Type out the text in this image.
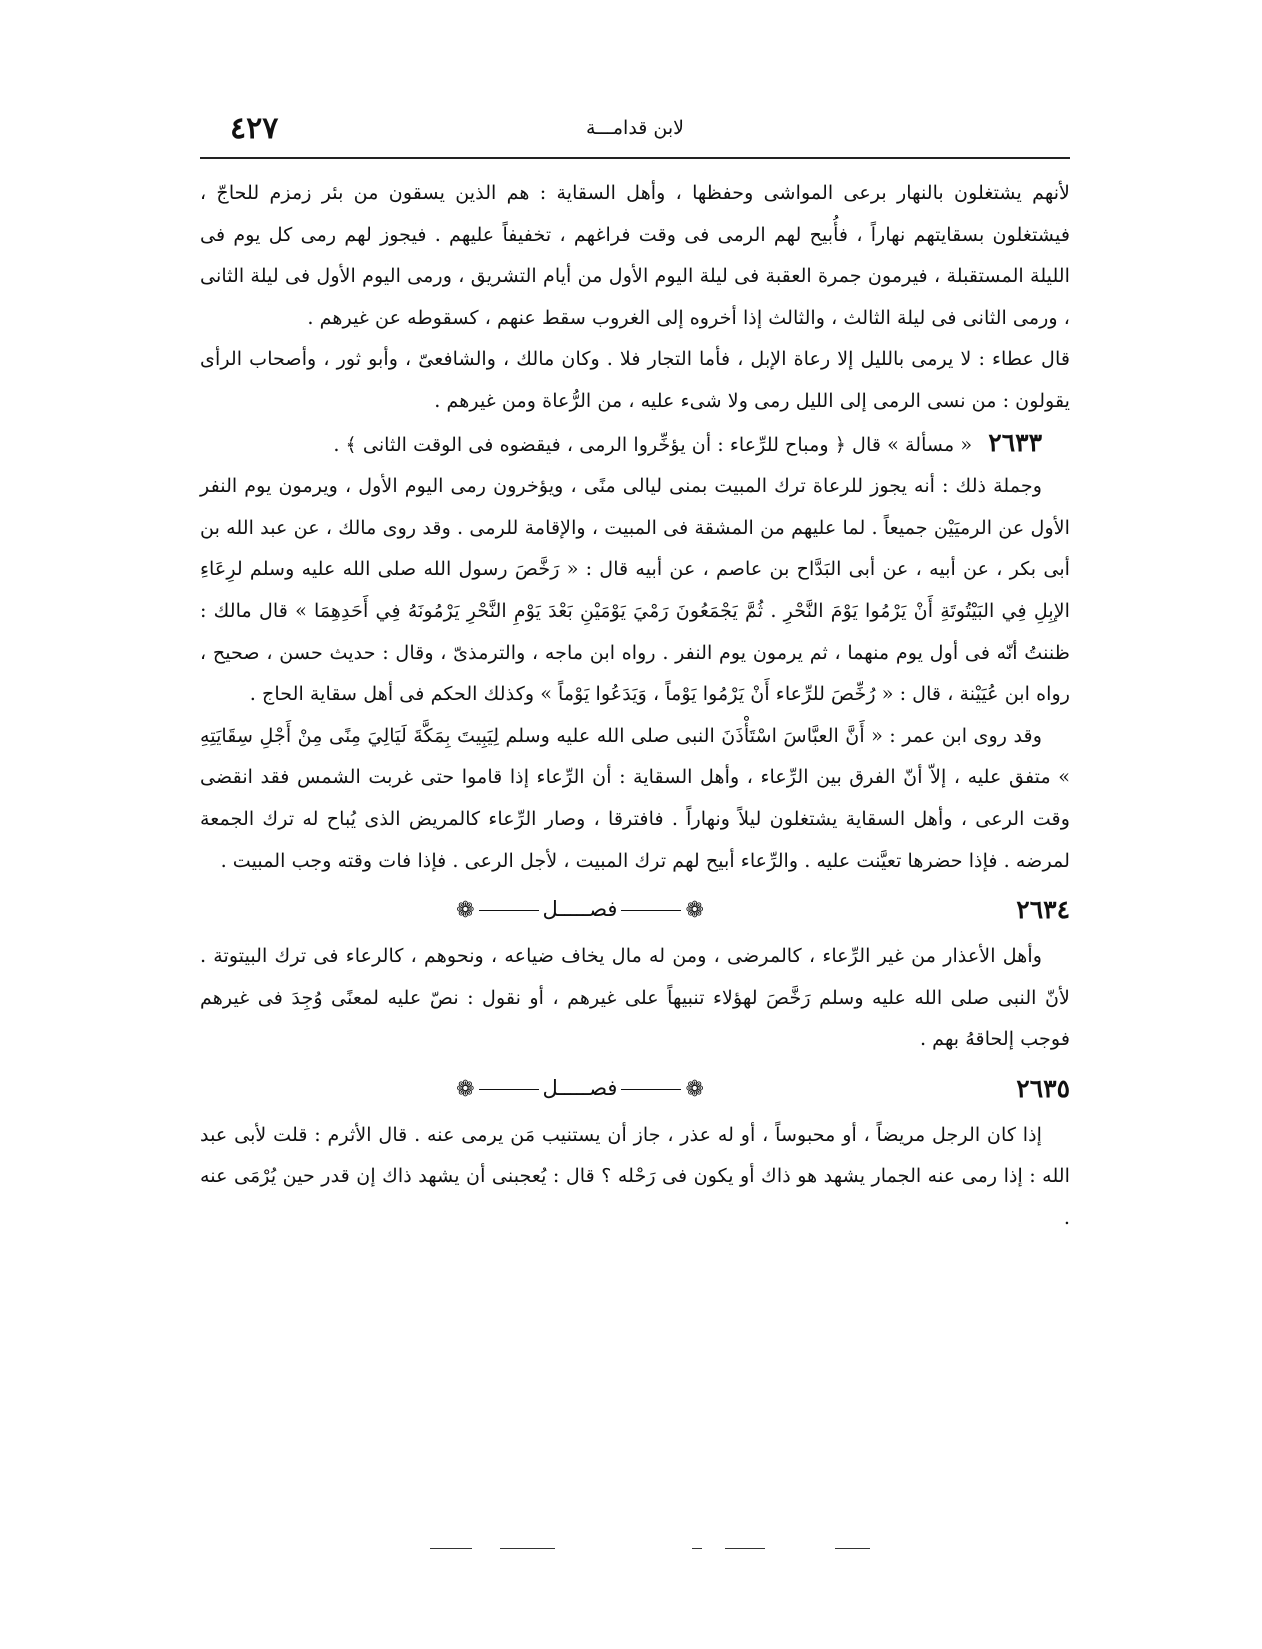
لابن قدامـــة
٤٢٧

لأنهم يشتغلون بالنهار برعى المواشى وحفظها ، وأهل السقاية : هم الذين يسقون من بئر زمزم للحاجّ ، فيشتغلون بسقايتهم نهاراً ، فأُبيح لهم الرمى فى وقت فراغهم ، تخفيفاً عليهم . فيجوز لهم رمى كل يوم فى الليلة المستقبلة ، فيرمون جمرة العقبة فى ليلة اليوم الأول من أيام التشريق ، ورمى اليوم الأول فى ليلة الثانى ، ورمى الثانى فى ليلة الثالث ، والثالث إذا أخروه إلى الغروب سقط عنهم ، كسقوطه عن غيرهم .

قال عطاء : لا يرمى بالليل إلا رعاة الإبل ، فأما التجار فلا . وكان مالك ، والشافعىّ ، وأبو ثور ، وأصحاب الرأى يقولون : من نسى الرمى إلى الليل رمى ولا شىء عليه ، من الرُّعاة ومن غيرهم .

٢٦٣٣ « مسألة » قال ﴿ ومباح للرِّعاء : أن يؤخِّروا الرمى ، فيقضوه فى الوقت الثانى ﴾ .

وجملة ذلك : أنه يجوز للرعاة ترك المبيت بمنى ليالى منًى ، ويؤخرون رمى اليوم الأول ، ويرمون يوم النفر الأول عن الرميَيْن جميعاً . لما عليهم من المشقة فى المبيت ، والإقامة للرمى . وقد روى مالك ، عن عبد الله بن أبى بكر ، عن أبيه ، عن أبى البَدَّاح بن عاصم ، عن أبيه قال : « رَخَّصَ رسول الله صلى الله عليه وسلم لرِعَاءِ الإبِلِ فِي البَيْتُوتَةِ أَنْ يَرْمُوا يَوْمَ النَّحْرِ . ثُمَّ يَجْمَعُونَ رَمْيَ يَوْمَيْنِ بَعْدَ يَوْمِ النَّحْرِ يَرْمُونَهُ فِي أَحَدِهِمَا » قال مالك : ظننتُ أنّه فى أول يوم منهما ، ثم يرمون يوم النفر . رواه ابن ماجه ، والترمذىّ ، وقال : حديث حسن ، صحيح ، رواه ابن عُيَيْنة ، قال : « رُخِّصَ للرِّعاء أَنْ يَرْمُوا يَوْماً ، وَيَدَعُوا يَوْماً » وكذلك الحكم فى أهل سقاية الحاج .

وقد روى ابن عمر : « أَنَّ العبَّاسَ اسْتَأْذَنَ النبى صلى الله عليه وسلم لِيَبِيتَ بِمَكَّةَ لَيَالِيَ مِنًى مِنْ أَجْلِ سِقَايَتِهِ » متفق عليه ، إلاّ أنّ الفرق بين الرِّعاء ، وأهل السقاية : أن الرِّعاء إذا قاموا حتى غربت الشمس فقد انقضى وقت الرعى ، وأهل السقاية يشتغلون ليلاً ونهاراً . فافترقا ، وصار الرِّعاء كالمريض الذى يُباح له ترك الجمعة لمرضه . فإذا حضرها تعيَّنت عليه . والرِّعاء أبيح لهم ترك المبيت ، لأجل الرعى . فإذا فات وقته وجب المبيت .

٢٦٣٤
❁فصـــــل❁

وأهل الأعذار من غير الرِّعاء ، كالمرضى ، ومن له مال يخاف ضياعه ، ونحوهم ، كالرعاء فى ترك البيتوتة . لأنّ النبى صلى الله عليه وسلم رَخَّصَ لهؤلاء تنبيهاً على غيرهم ، أو نقول : نصّ عليه لمعنًى وُجِدَ فى غيرهم فوجب إلحاقهُ بهم .

٢٦٣٥
❁فصـــــل❁

إذا كان الرجل مريضاً ، أو محبوساً ، أو له عذر ، جاز أن يستنيب مَن يرمى عنه . قال الأثرم : قلت لأبى عبد الله : إذا رمى عنه الجمار يشهد هو ذاك أو يكون فى رَحْله ؟ قال : يُعجبنى أن يشهد ذاك إن قدر حين يُرْمَى عنه .
